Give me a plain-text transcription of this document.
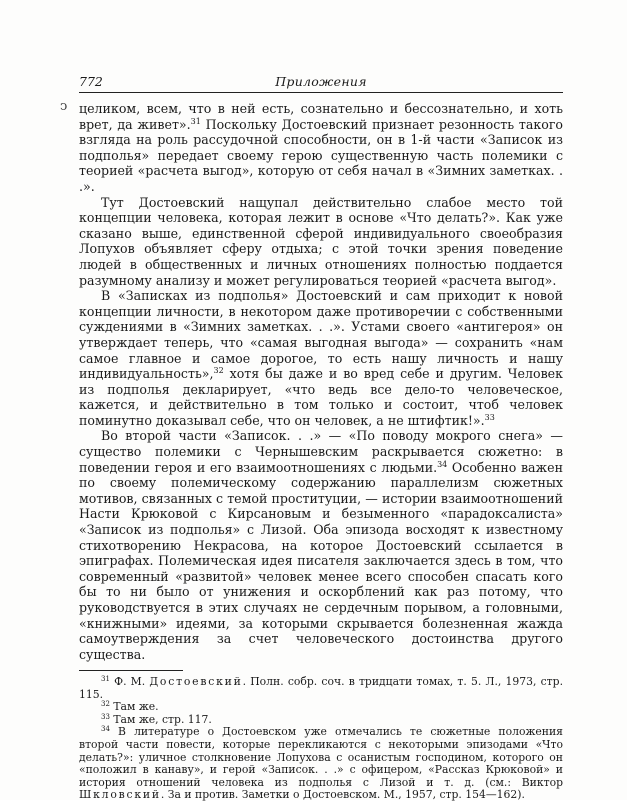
772	Приложения
ↄ целиком, всем, что в ней есть, сознательно и бессознательно, и хоть врет, да живет».$^{31}$ Поскольку Достоевский признает резонность такого взгляда на роль рассудочной способности, он в 1-й части «Записок из подполья» передает своему герою существенную часть полемики с теорией «расчета выгод», которую от себя начал в «Зимних заметках. . .».

Тут Достоевский нащупал действительно слабое место той концепции человека, которая лежит в основе «Что делать?». Как уже сказано выше, единственной сферой индивидуального своеобразия Лопухов объявляет сферу отдыха; с этой точки зрения поведение людей в общественных и личных отношениях полностью поддается разумному анализу и может регулироваться теорией «расчета выгод».

В «Записках из подполья» Достоевский и сам приходит к новой концепции личности, в некотором даже противоречии с собственными суждениями в «Зимних заметках. . .». Устами своего «антигероя» он утверждает теперь, что «самая выгодная выгода» — сохранить «нам самое главное и самое дорогое, то есть нашу личность и нашу индивидуальность»,$^{32}$ хотя бы даже и во вред себе и другим. Человек из подполья декларирует, «что ведь все дело-то человеческое, кажется, и действительно в том только и состоит, чтоб человек поминутно доказывал себе, что он человек, а не штифтик!».$^{33}$

Во второй части «Записок. . .» — «По поводу мокрого снега» — существо полемики с Чернышевским раскрывается сюжетно: в поведении героя и его взаимоотношениях с людьми.$^{34}$ Особенно важен по своему полемическому содержанию параллелизм сюжетных мотивов, связанных с темой проституции, — истории взаимоотношений Насти Крюковой с Кирсановым и безыменного «парадоксалиста» «Записок из подполья» с Лизой. Оба эпизода восходят к известному стихотворению Некрасова, на которое Достоевский ссылается в эпиграфах. Полемическая идея писателя заключается здесь в том, что современный «развитой» человек менее всего способен спасать кого бы то ни было от унижения и оскорблений как раз потому, что руководствуется в этих случаях не сердечным порывом, а головными, «книжными» идеями, за которыми скрывается болезненная жажда самоутверждения за счет человеческого достоинства другого существа.

$^{31}$ Ф. М. Достоевский. Полн. собр. соч. в тридцати томах, т. 5. Л., 1973, стр. 115.

$^{32}$ Там же.

$^{33}$ Там же, стр. 117.

$^{34}$ В литературе о Достоевском уже отмечались те сюжетные положения второй части повести, которые перекликаются с некоторыми эпизодами «Что делать?»: уличное столкновение Лопухова с осанистым господином, которого он «положил в канаву», и герой «Записок. . .» с офицером, «Рассказ Крюковой» и история отношений человека из подполья с Лизой и т. д. (см.: Виктор Шкловский. За и против. Заметки о Достоевском. М., 1957, стр. 154—162).
